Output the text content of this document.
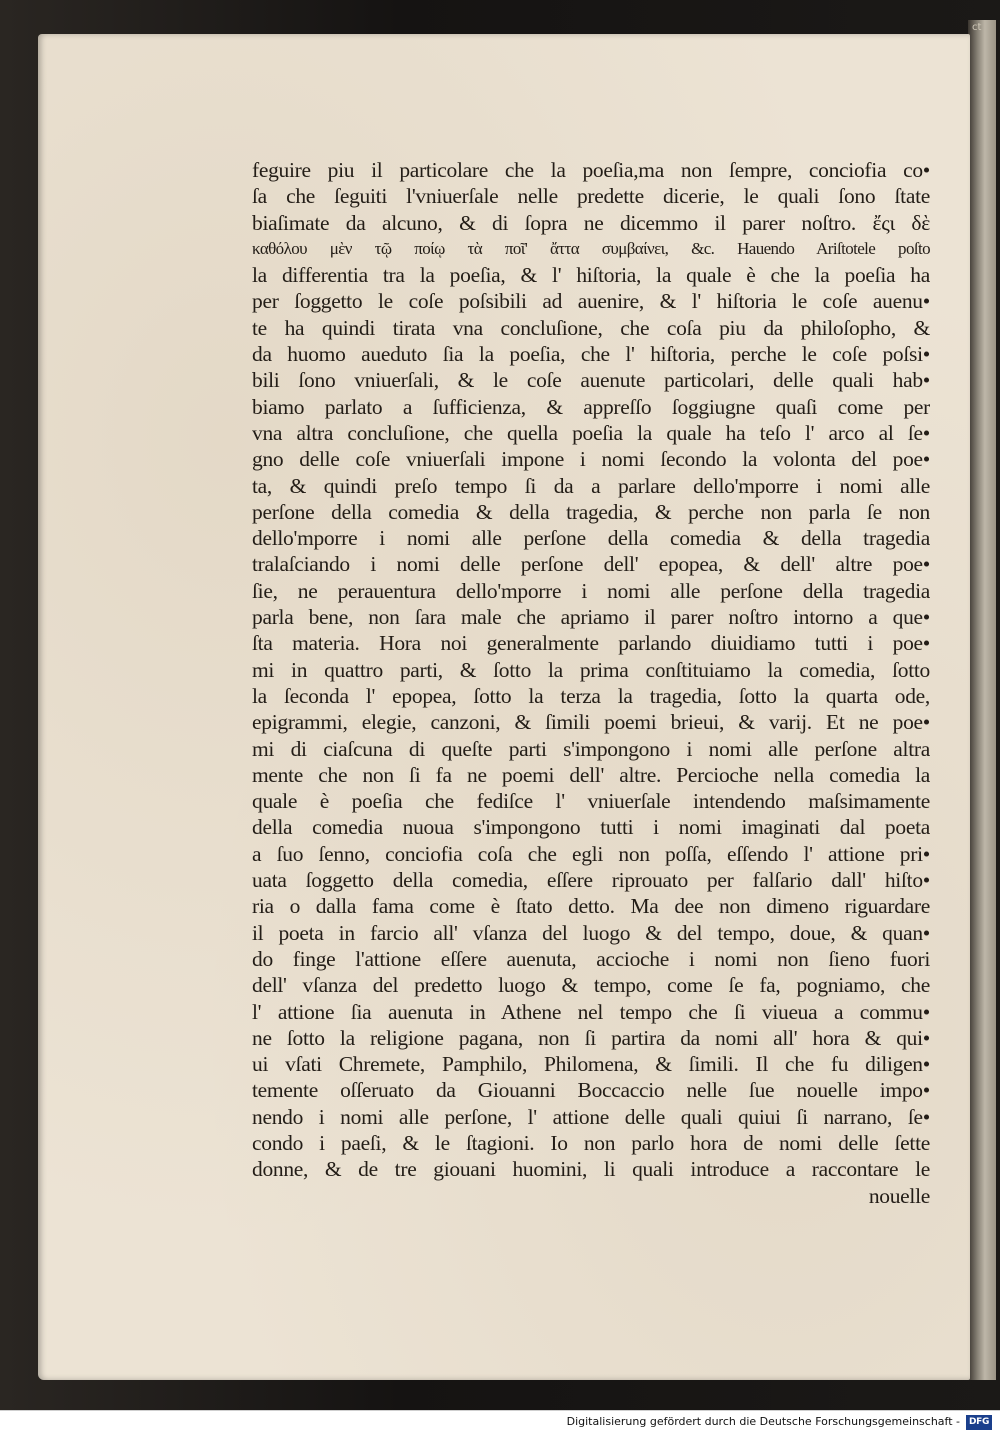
ct
feguire piu il particolare che la poeſia,ma non ſempre, conciofia co•
ſa che ſeguiti l'vniuerſale nelle predette dicerie, le quali ſono ſtate
biaſimate da alcuno, & di ſopra ne dicemmo il parer noſtro. ἔςι δὲ
καθόλου μὲν τῷ ποίῳ τὰ ποῖ' ἄττα συμβαίνει, &c. Hauendo Ariſtotele poſto
la differentia tra la poeſia, & l' hiſtoria, la quale è che la poeſia ha
per ſoggetto le coſe poſsibili ad auenire, & l' hiſtoria le coſe auenu•
te ha quindi tirata vna concluſione, che coſa piu da philoſopho, &
da huomo aueduto ſia la poeſia, che l' hiſtoria, perche le coſe poſsi•
bili ſono vniuerſali, & le coſe auenute particolari, delle quali hab•
biamo parlato a ſufficienza, & appreſſo ſoggiugne quaſi come per
vna altra concluſione, che quella poeſia la quale ha teſo l' arco al ſe•
gno delle coſe vniuerſali impone i nomi ſecondo la volonta del poe•
ta, & quindi preſo tempo ſi da a parlare dello'mporre i nomi alle
perſone della comedia & della tragedia, & perche non parla ſe non
dello'mporre i nomi alle perſone della comedia & della tragedia
tralaſciando i nomi delle perſone dell' epopea, & dell' altre poe•
ſie, ne perauentura dello'mporre i nomi alle perſone della tragedia
parla bene, non ſara male che apriamo il parer noſtro intorno a que•
ſta materia. Hora noi generalmente parlando diuidiamo tutti i poe•
mi in quattro parti, & ſotto la prima conſtituiamo la comedia, ſotto
la ſeconda l' epopea, ſotto la terza la tragedia, ſotto la quarta ode,
epigrammi, elegie, canzoni, & ſimili poemi brieui, & varij. Et ne poe•
mi di ciaſcuna di queſte parti s'impongono i nomi alle perſone altra
mente che non ſi fa ne poemi dell' altre. Percioche nella comedia la
quale è poeſia che fediſce l' vniuerſale intendendo maſsimamente
della comedia nuoua s'impongono tutti i nomi imaginati dal poeta
a ſuo ſenno, conciofia coſa che egli non poſſa, eſſendo l' attione pri•
uata ſoggetto della comedia, eſſere riprouato per falſario dall' hiſto•
ria o dalla fama come è ſtato detto. Ma dee non dimeno riguardare
il poeta in farcio all' vſanza del luogo & del tempo, doue, & quan•
do finge l'attione eſſere auenuta, accioche i nomi non ſieno fuori
dell' vſanza del predetto luogo & tempo, come ſe fa, pogniamo, che
l' attione ſia auenuta in Athene nel tempo che ſi viueua a commu•
ne ſotto la religione pagana, non ſi partira da nomi all' hora & qui•
ui vſati Chremete, Pamphilo, Philomena, & ſimili. Il che fu diligen•
temente oſſeruato da Giouanni Boccaccio nelle ſue nouelle impo•
nendo i nomi alle perſone, l' attione delle quali quiui ſi narrano, ſe•
condo i paeſi, & le ſtagioni. Io non parlo hora de nomi delle ſette
donne, & de tre giouani huomini, li quali introduce a raccontare le
nouelle
Digitalisierung gefördert durch die Deutsche Forschungsgemeinschaft - DFG
